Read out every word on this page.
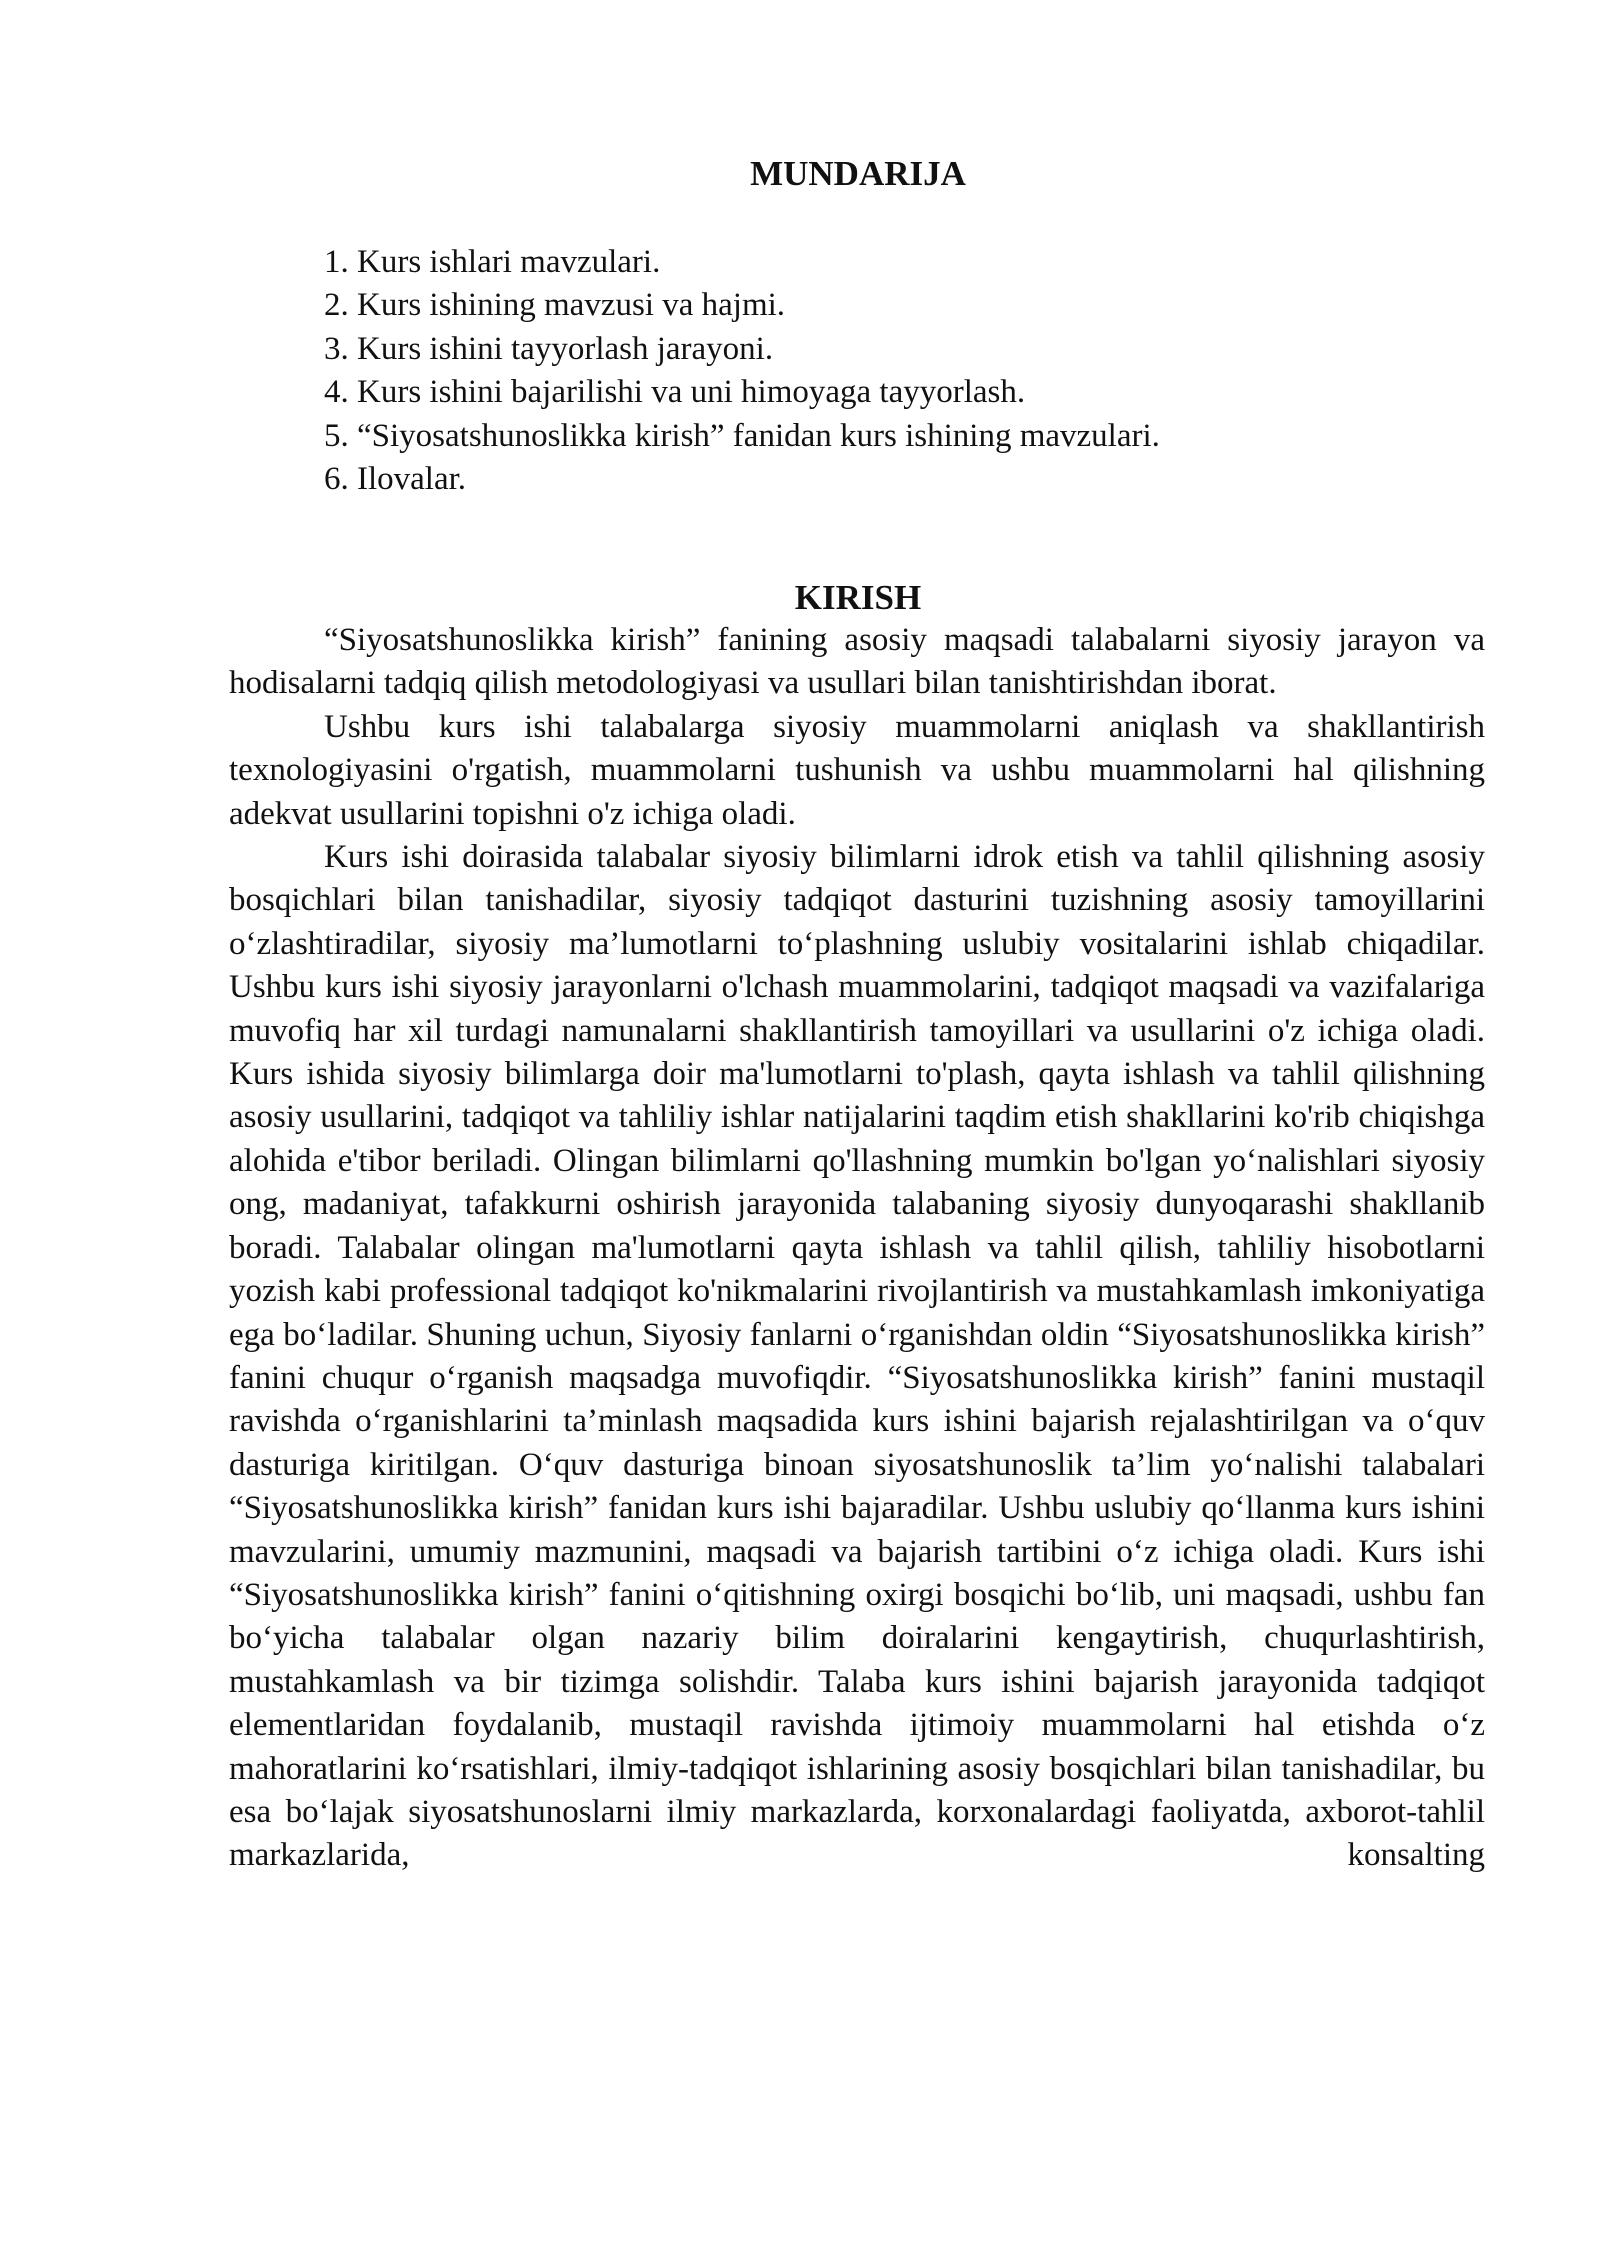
MUNDARIJA
1. Kurs ishlari mavzulari.
2. Kurs ishining mavzusi va hajmi.
3. Kurs ishini tayyorlash jarayoni.
4. Kurs ishini bajarilishi va uni himoyaga tayyorlash.
5. “Siyosatshunoslikka kirish” fanidan kurs ishining mavzulari.
6. Ilovalar.
KIRISH

“Siyosatshunoslikka kirish” fanining asosiy maqsadi talabalarni siyosiy jarayon va hodisalarni tadqiq qilish metodologiyasi va usullari bilan tanishtirishdan iborat.

Ushbu kurs ishi talabalarga siyosiy muammolarni aniqlash va shakllantirish texnologiyasini o'rgatish, muammolarni tushunish va ushbu muammolarni hal qilishning adekvat usullarini topishni o'z ichiga oladi.

Kurs ishi doirasida talabalar siyosiy bilimlarni idrok etish va tahlil qilishning asosiy bosqichlari bilan tanishadilar, siyosiy tadqiqot dasturini tuzishning asosiy tamoyillarini o‘zlashtiradilar, siyosiy ma’lumotlarni to‘plashning uslubiy vositalarini ishlab chiqadilar. Ushbu kurs ishi siyosiy jarayonlarni o'lchash muammolarini, tadqiqot maqsadi va vazifalariga muvofiq har xil turdagi namunalarni shakllantirish tamoyillari va usullarini o'z ichiga oladi. Kurs ishida siyosiy bilimlarga doir ma'lumotlarni to'plash, qayta ishlash va tahlil qilishning asosiy usullarini, tadqiqot va tahliliy ishlar natijalarini taqdim etish shakllarini ko'rib chiqishga alohida e'tibor beriladi. Olingan bilimlarni qo'llashning mumkin bo'lgan yo‘nalishlari siyosiy ong, madaniyat, tafakkurni oshirish jarayonida talabaning siyosiy dunyoqarashi shakllanib boradi. Talabalar olingan ma'lumotlarni qayta ishlash va tahlil qilish, tahliliy hisobotlarni yozish kabi professional tadqiqot ko'nikmalarini rivojlantirish va mustahkamlash imkoniyatiga ega bo‘ladilar. Shuning uchun, Siyosiy fanlarni o‘rganishdan oldin “Siyosatshunoslikka kirish” fanini chuqur o‘rganish maqsadga muvofiqdir. “Siyosatshunoslikka kirish” fanini mustaqil ravishda o‘rganishlarini ta’minlash maqsadida kurs ishini bajarish rejalashtirilgan va o‘quv dasturiga kiritilgan. O‘quv dasturiga binoan siyosatshunoslik ta’lim yo‘nalishi talabalari “Siyosatshunoslikka kirish” fanidan kurs ishi bajaradilar. Ushbu uslubiy qo‘llanma kurs ishini mavzularini, umumiy mazmunini, maqsadi va bajarish tartibini o‘z ichiga oladi. Kurs ishi “Siyosatshunoslikka kirish” fanini o‘qitishning oxirgi bosqichi bo‘lib, uni maqsadi, ushbu fan bo‘yicha talabalar olgan nazariy bilim doiralarini kengaytirish, chuqurlashtirish, mustahkamlash va bir tizimga solishdir. Talaba kurs ishini bajarish jarayonida tadqiqot elementlaridan foydalanib, mustaqil ravishda ijtimoiy muammolarni hal etishda o‘z mahoratlarini ko‘rsatishlari, ilmiy-tadqiqot ishlarining asosiy bosqichlari bilan tanishadilar, bu esa bo‘lajak siyosatshunoslarni ilmiy markazlarda, korxonalardagi faoliyatda, axborot-tahlil markazlarida, konsalting
